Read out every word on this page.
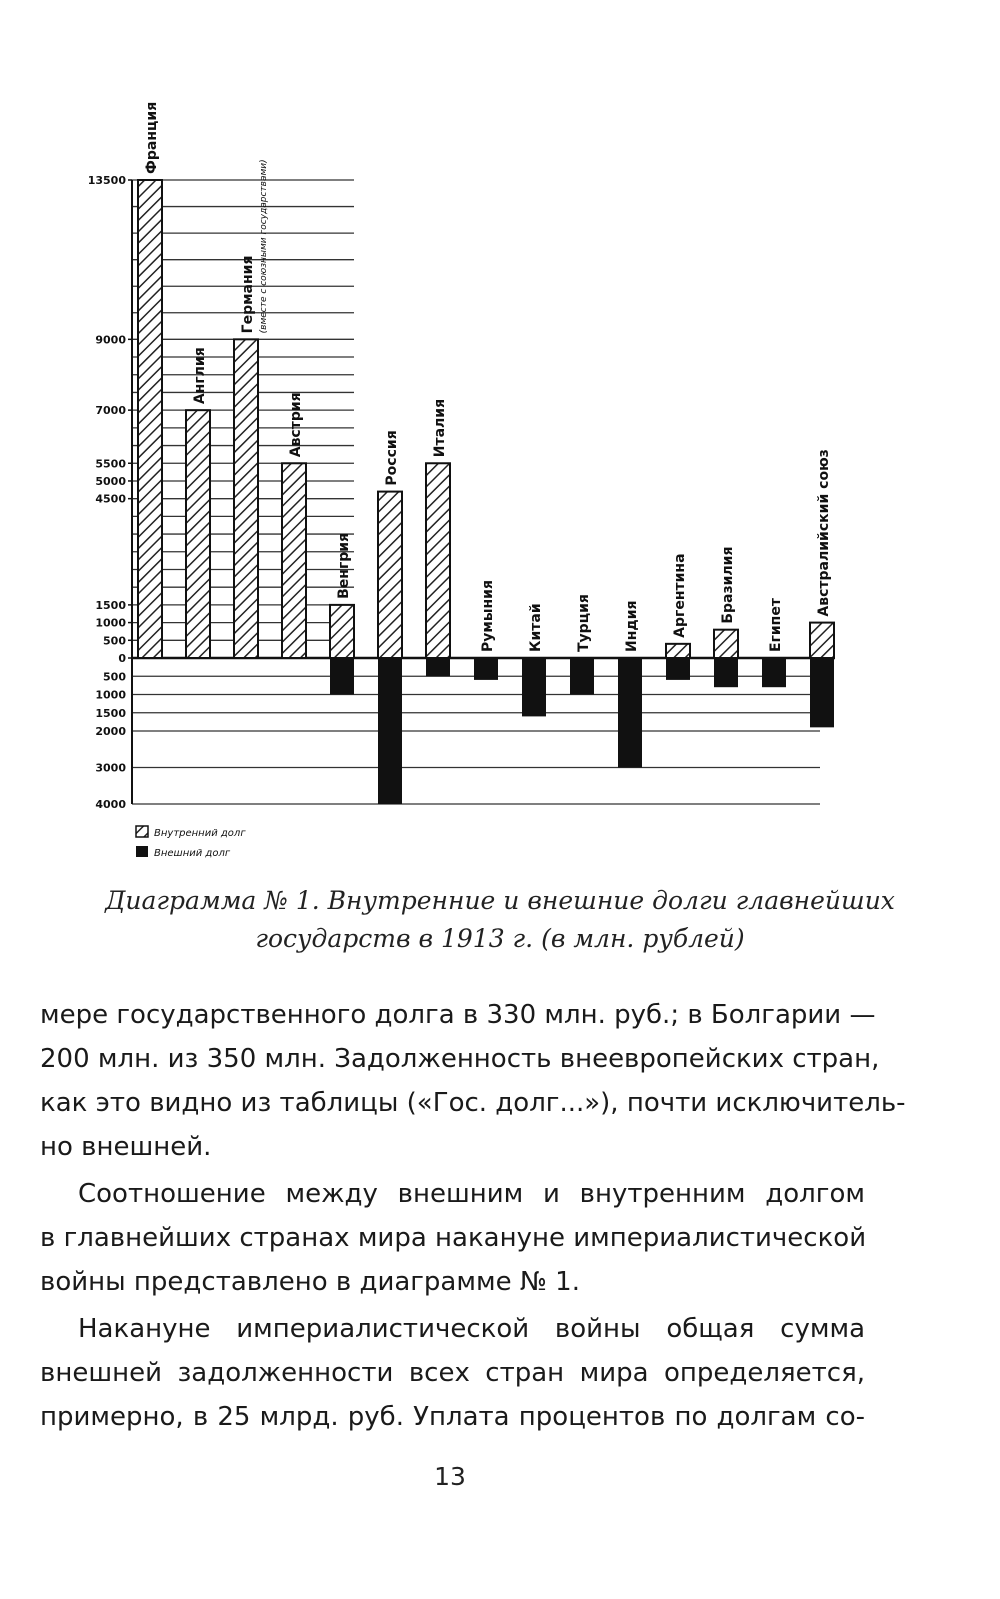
13500
9000
7000
5500
5000
4500
1500
1000
500
0
500
1000
1500
2000
3000
4000
Франция
Англия
Германия (вместе с союзными государствами)
Австрия
Венгрия
Россия
Италия
Румыния Китай Турция Индия Аргентина Бразилия
Египет
Австралийский союз
Внутренний долг
Внешний долг
Диаграмма № 1. Внутренние и внешние долги главнейших
государств в 1913 г. (в млн. рублей)
мере государственного долга в 330 млн. руб.; в Болгарии —
200 млн. из 350 млн. Задолженность внеевропейских стран,
как это видно из таблицы («Гос. долг...»), почти исключитель-
но внешней.
Соотношение между внешним и внутренним долгом
в главнейших странах мира накануне империалистической
войны представлено в диаграмме № 1.
Накануне империалистической войны общая сумма
внешней задолженности всех стран мира определяется,
примерно, в 25 млрд. руб. Уплата процентов по долгам со-
13
